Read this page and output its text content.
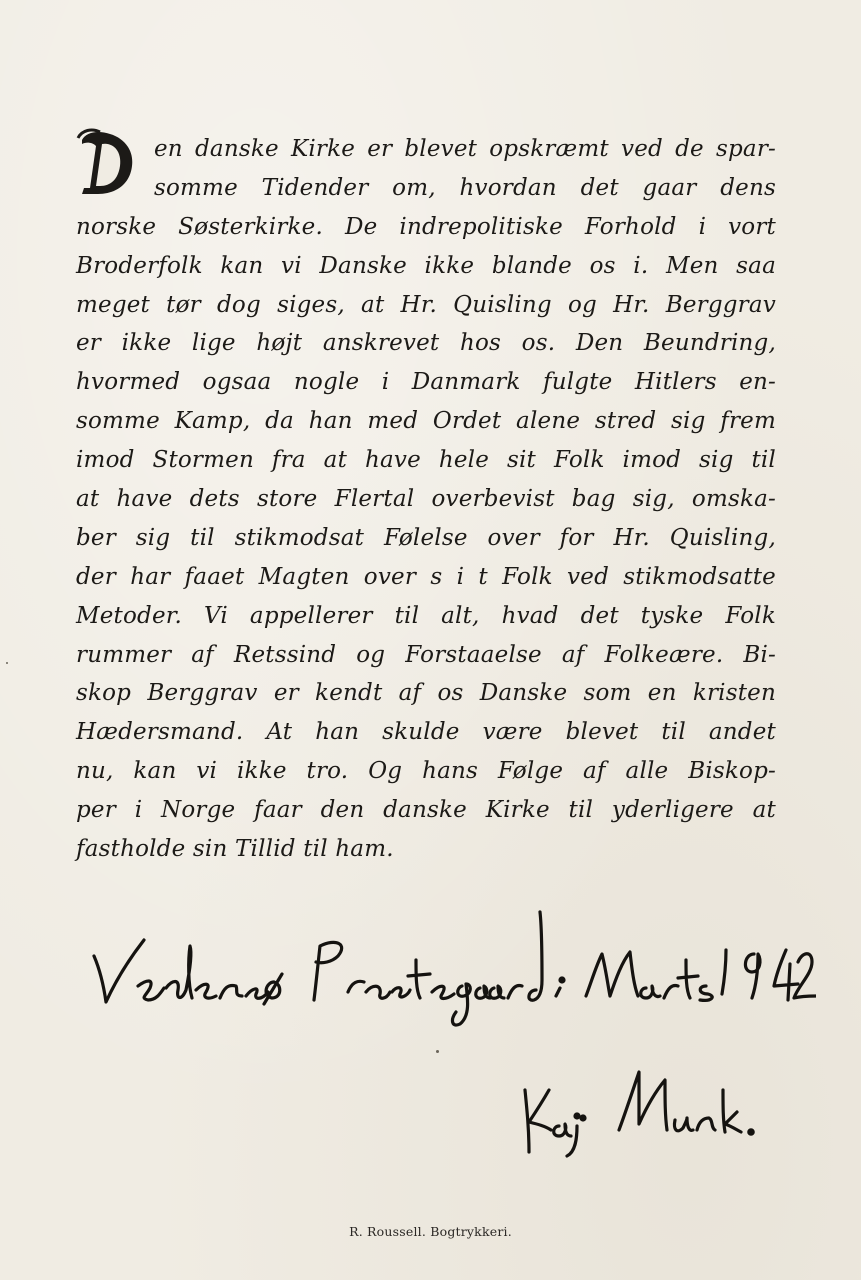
en danske Kirke er blevet opskræmt ved de spar-
somme Tidender om, hvordan det gaar dens
norske Søsterkirke. De indrepolitiske Forhold i vort
Broderfolk kan vi Danske ikke blande os i. Men saa
meget tør dog siges, at Hr. Quisling og Hr. Berggrav
er ikke lige højt anskrevet hos os. Den Beundring,
hvormed ogsaa nogle i Danmark fulgte Hitlers en-
somme Kamp, da han med Ordet alene stred sig frem
imod Stormen fra at have hele sit Folk imod sig til
at have dets store Flertal overbevist bag sig, omska-
ber sig til stikmodsat Følelse over for Hr. Quisling,
der har faaet Magten over s i t Folk ved stikmodsatte
Metoder. Vi appellerer til alt, hvad det tyske Folk
rummer af Retssind og Forstaaelse af Folkeære. Bi-
skop Berggrav er kendt af os Danske som en kristen
Hædersmand. At han skulde være blevet til andet
nu, kan vi ikke tro. Og hans Følge af alle Biskop-
per i Norge faar den danske Kirke til yderligere at
fastholde sin Tillid til ham.
R. Roussell. Bogtrykkeri.
